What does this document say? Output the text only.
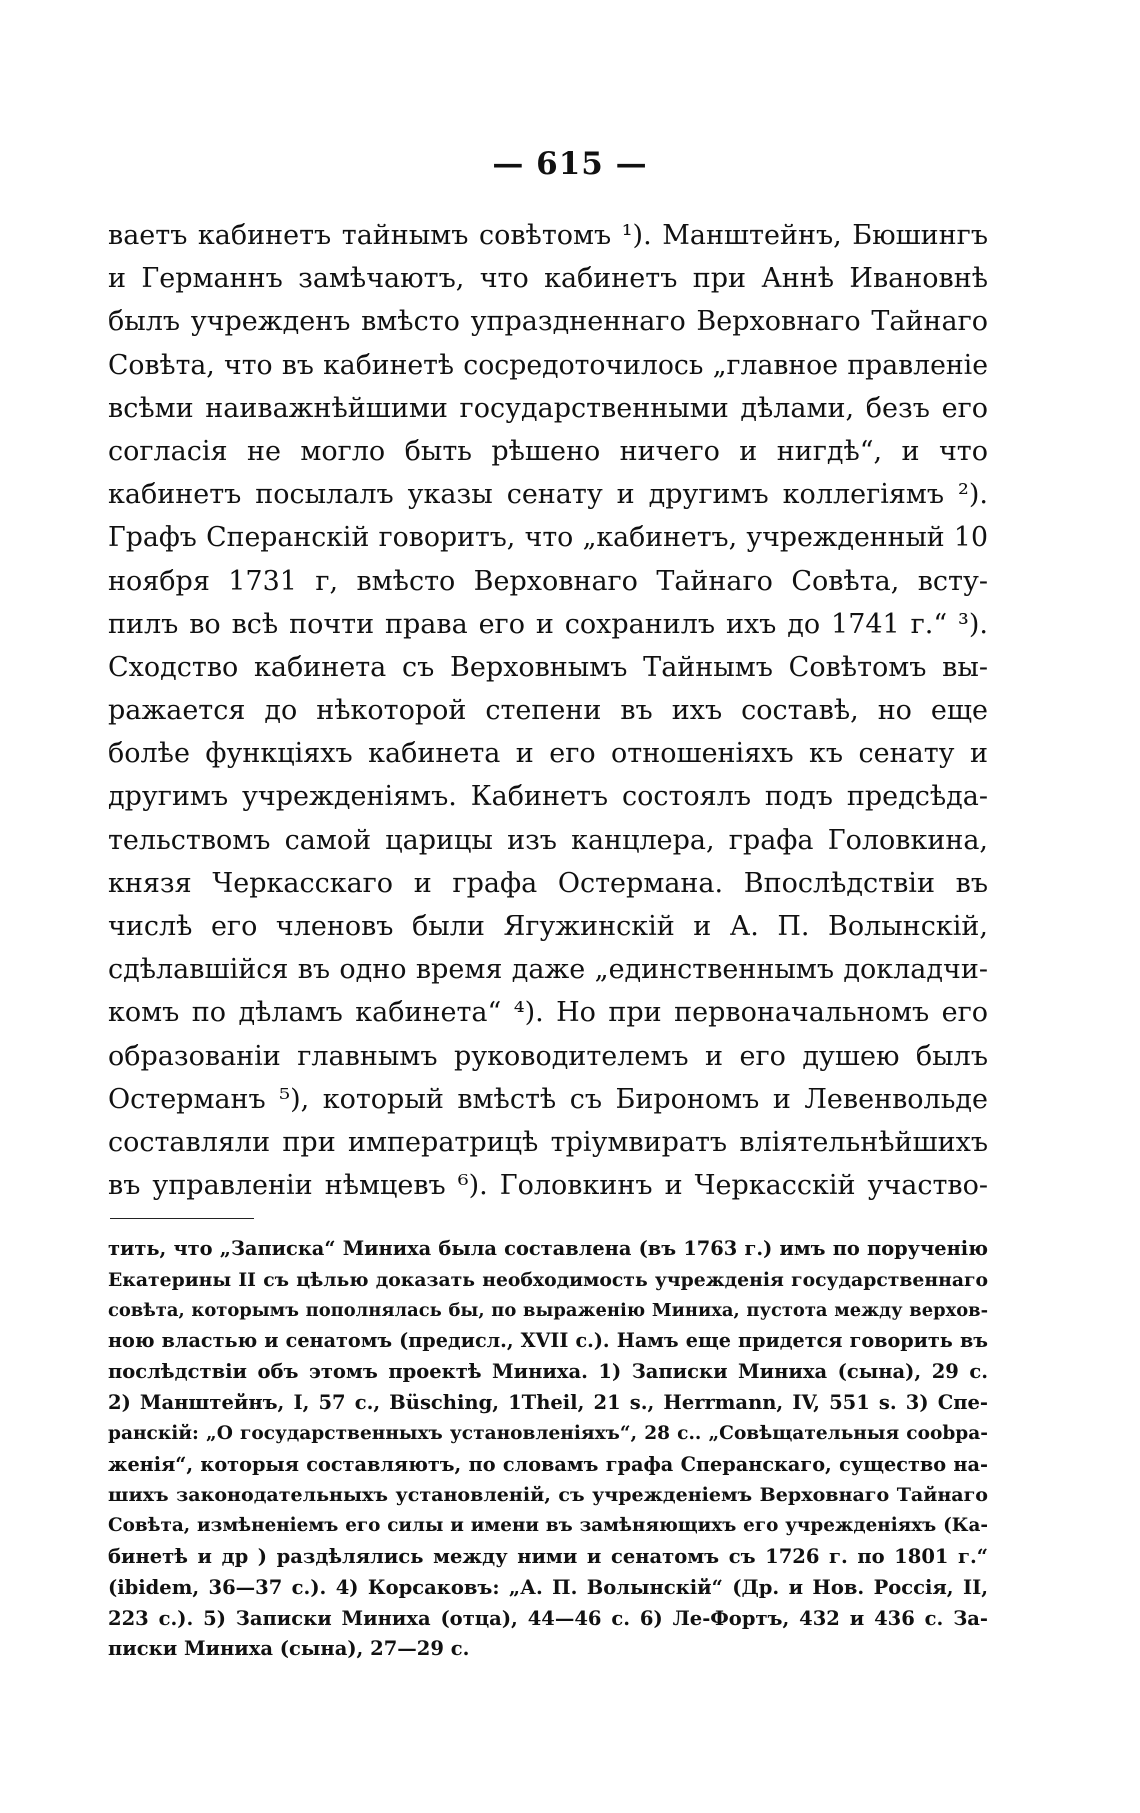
— 615 —
ваетъ кабинетъ тайнымъ совѣтомъ ¹). Манштейнъ, Бюшингъ
и Германнъ замѣчаютъ, что кабинетъ при Аннѣ Ивановнѣ
былъ учрежденъ вмѣсто упраздненнаго Верховнаго Тайнаго
Совѣта, что въ кабинетѣ сосредоточилось „главное правленіе
всѣми наиважнѣйшими государственными дѣлами, безъ его
согласія не могло быть рѣшено ничего и нигдѣ“, и что
кабинетъ посылалъ указы сенату и другимъ коллегіямъ ²).
Графъ Сперанскій говоритъ, что „кабинетъ, учрежденный 10
ноября 1731 г, вмѣсто Верховнаго Тайнаго Совѣта, всту-
пилъ во всѣ почти права его и сохранилъ ихъ до 1741 г.“ ³).
Сходство кабинета съ Верховнымъ Тайнымъ Совѣтомъ вы-
ражается до нѣкоторой степени въ ихъ составѣ, но еще
болѣе функціяхъ кабинета и его отношеніяхъ къ сенату и
другимъ учрежденіямъ. Кабинетъ состоялъ подъ предсѣда-
тельствомъ самой царицы изъ канцлера, графа Головкина,
князя Черкасскаго и графа Остермана. Впослѣдствіи въ
числѣ его членовъ были Ягужинскій и А. П. Волынскій,
сдѣлавшійся въ одно время даже „единственнымъ докладчи-
комъ по дѣламъ кабинета“ ⁴). Но при первоначальномъ его
образованіи главнымъ руководителемъ и его душею былъ
Остерманъ ⁵), который вмѣстѣ съ Бирономъ и Левенвольде
составляли при императрицѣ тріумвиратъ вліятельнѣйшихъ
въ управленіи нѣмцевъ ⁶). Головкинъ и Черкасскій участво-
тить, что „Записка“ Миниха была составлена (въ 1763 г.) имъ по порученію
Екатерины II съ цѣлью доказать необходимость учрежденія государственнаго
совѣта, которымъ пополнялась бы, по выраженію Миниха, пустота между верхов-
ною властью и сенатомъ (предисл., XVII с.). Намъ еще придется говорить въ
послѣдствіи объ этомъ проектѣ Миниха. 1) Записки Миниха (сына), 29 с.
2) Манштейнъ, I, 57 с., Büsching, 1Theil, 21 s., Herrmann, IV, 551 s. 3) Спе-
ранскій: „О государственныхъ установленіяхъ“, 28 с.. „Совѣщательныя соobра-
женія“, которыя составляютъ, по словамъ графа Сперанскаго, существо на-
шихъ законодательныхъ установленій, съ учрежденіемъ Верховнаго Тайнаго
Совѣта, измѣненіемъ его силы и имени въ замѣняющихъ его учрежденіяхъ (Ка-
бинетѣ и др ) раздѣлялись между ними и сенатомъ съ 1726 г. по 1801 г.“
(ibidem, 36—37 с.). 4) Корсаковъ: „А. П. Волынскій“ (Др. и Нов. Россія, II,
223 с.). 5) Записки Миниха (отца), 44—46 с. 6) Ле-Фортъ, 432 и 436 с. За-
писки Миниха (сына), 27—29 с.
